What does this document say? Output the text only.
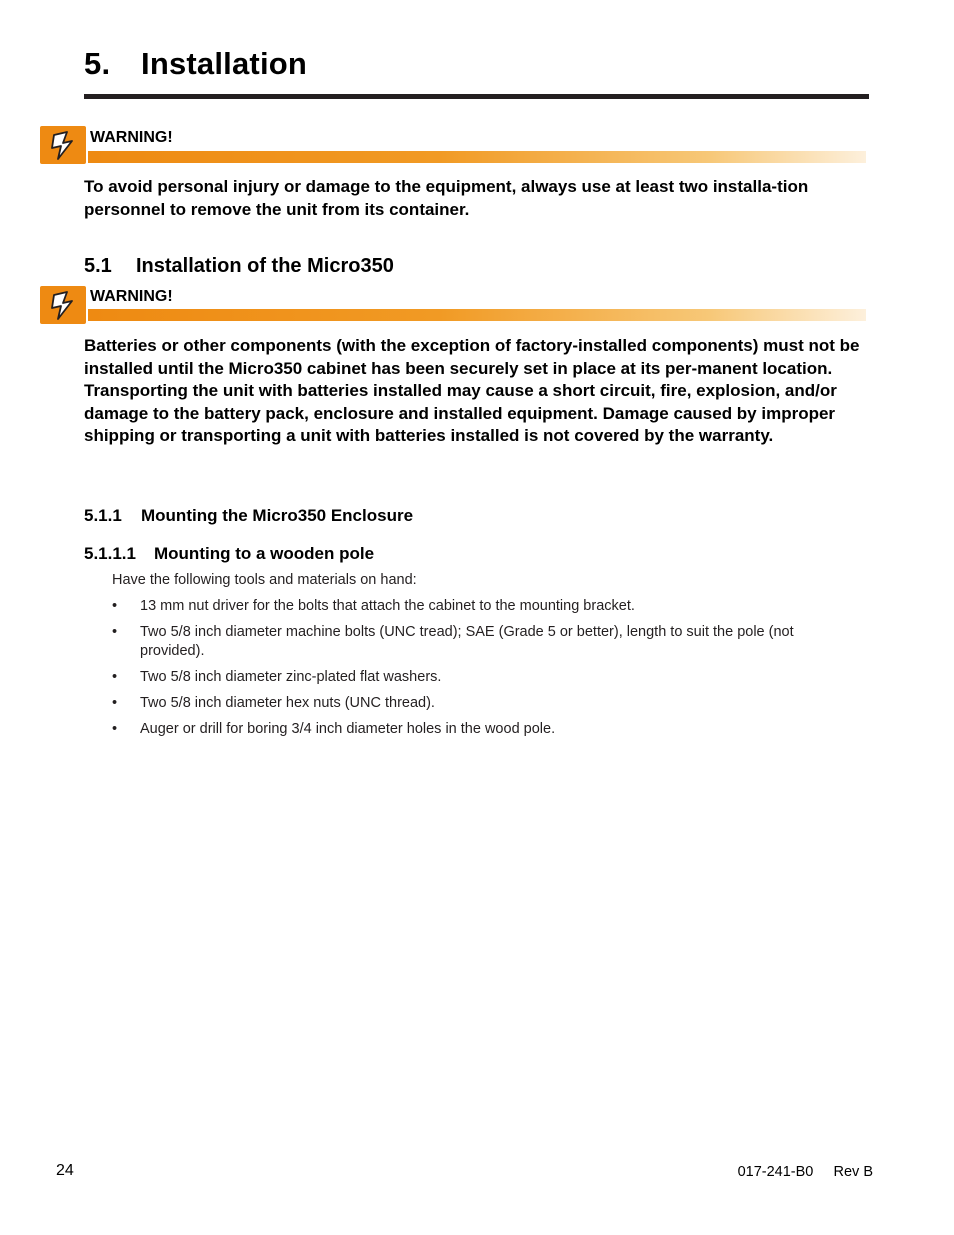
5. Installation
WARNING!
To avoid personal injury or damage to the equipment, always use at least two installa-tion personnel to remove the unit from its container.
5.1 Installation of the Micro350
WARNING!
Batteries or other components (with the exception of factory-installed components) must not be installed until the Micro350 cabinet has been securely set in place at its per-manent location. Transporting the unit with batteries installed may cause a short circuit, fire, explosion, and/or damage to the battery pack, enclosure and installed equipment. Damage caused by improper shipping or transporting a unit with batteries installed is not covered by the warranty.
5.1.1 Mounting the Micro350 Enclosure
5.1.1.1 Mounting to a wooden pole
Have the following tools and materials on hand:
• 13 mm nut driver for the bolts that attach the cabinet to the mounting bracket.
• Two 5/8 inch diameter machine bolts (UNC tread); SAE (Grade 5 or better), length to suit the pole (not provided).
• Two 5/8 inch diameter zinc-plated flat washers.
• Two 5/8 inch diameter hex nuts (UNC thread).
• Auger or drill for boring 3/4 inch diameter holes in the wood pole.
24	017-241-B0 Rev B
